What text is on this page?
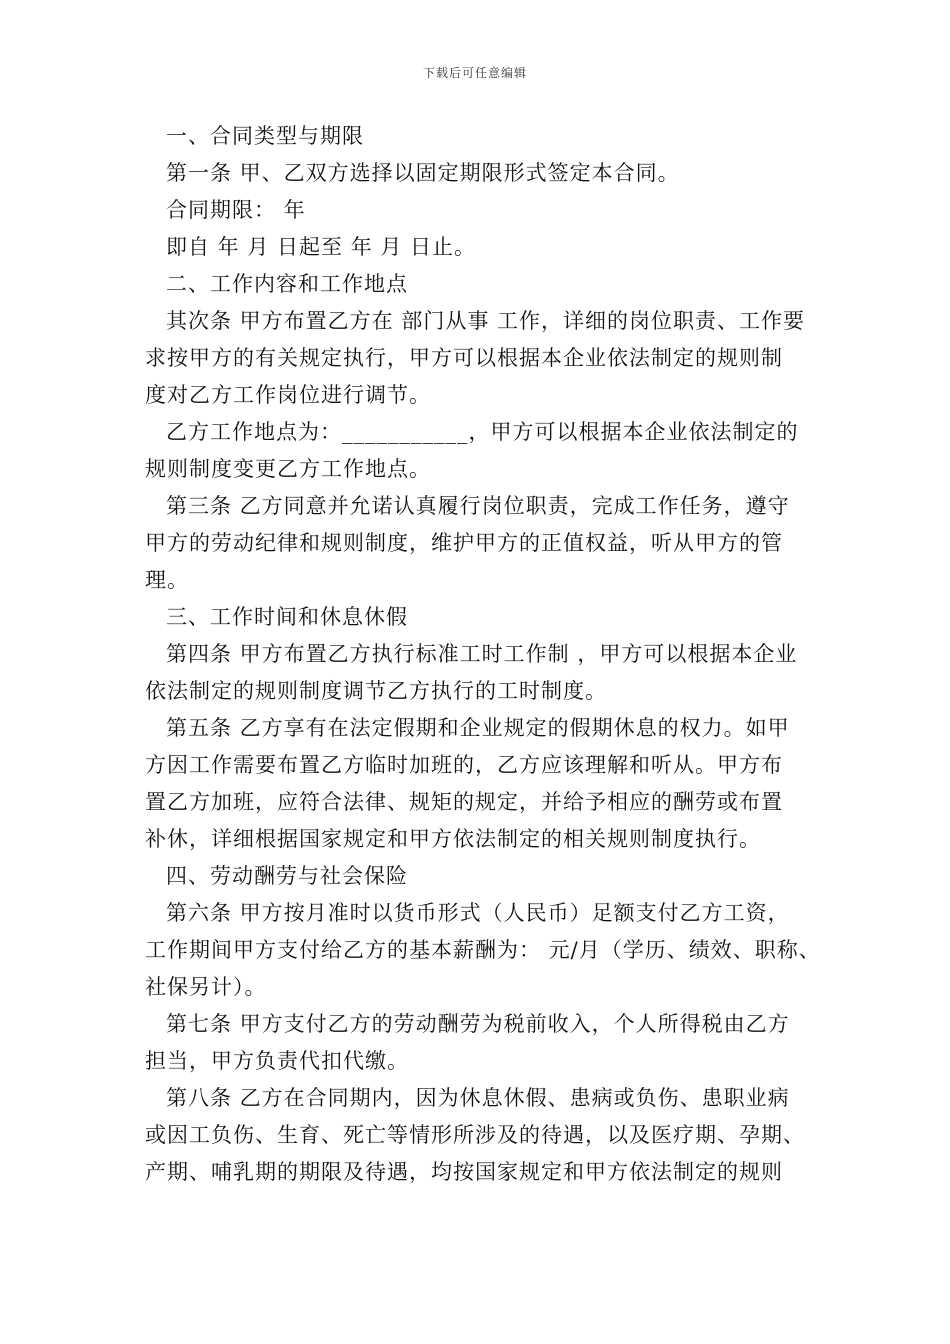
下载后可任意编辑

一、合同类型与期限

第一条 甲、乙双方选择以固定期限形式签定本合同。

合同期限： 年

即自 年 月 日起至 年 月 日止。

二、工作内容和工作地点

其次条 甲方布置乙方在 部门从事 工作，详细的岗位职责、工作要

求按甲方的有关规定执行，甲方可以根据本企业依法制定的规则制

度对乙方工作岗位进行调节。

乙方工作地点为：___________，甲方可以根据本企业依法制定的

规则制度变更乙方工作地点。

第三条 乙方同意并允诺认真履行岗位职责，完成工作任务，遵守

甲方的劳动纪律和规则制度，维护甲方的正值权益，听从甲方的管

理。

三、工作时间和休息休假

第四条 甲方布置乙方执行标准工时工作制 ，甲方可以根据本企业

依法制定的规则制度调节乙方执行的工时制度。

第五条 乙方享有在法定假期和企业规定的假期休息的权力。如甲

方因工作需要布置乙方临时加班的，乙方应该理解和听从。甲方布

置乙方加班，应符合法律、规矩的规定，并给予相应的酬劳或布置

补休，详细根据国家规定和甲方依法制定的相关规则制度执行。

四、劳动酬劳与社会保险

第六条 甲方按月准时以货币形式（人民币）足额支付乙方工资，

工作期间甲方支付给乙方的基本薪酬为： 元/月（学历、绩效、职称、

社保另计）。

第七条 甲方支付乙方的劳动酬劳为税前收入，个人所得税由乙方

担当，甲方负责代扣代缴。

第八条 乙方在合同期内，因为休息休假、患病或负伤、患职业病

或因工负伤、生育、死亡等情形所涉及的待遇，以及医疗期、孕期、

产期、哺乳期的期限及待遇，均按国家规定和甲方依法制定的规则
